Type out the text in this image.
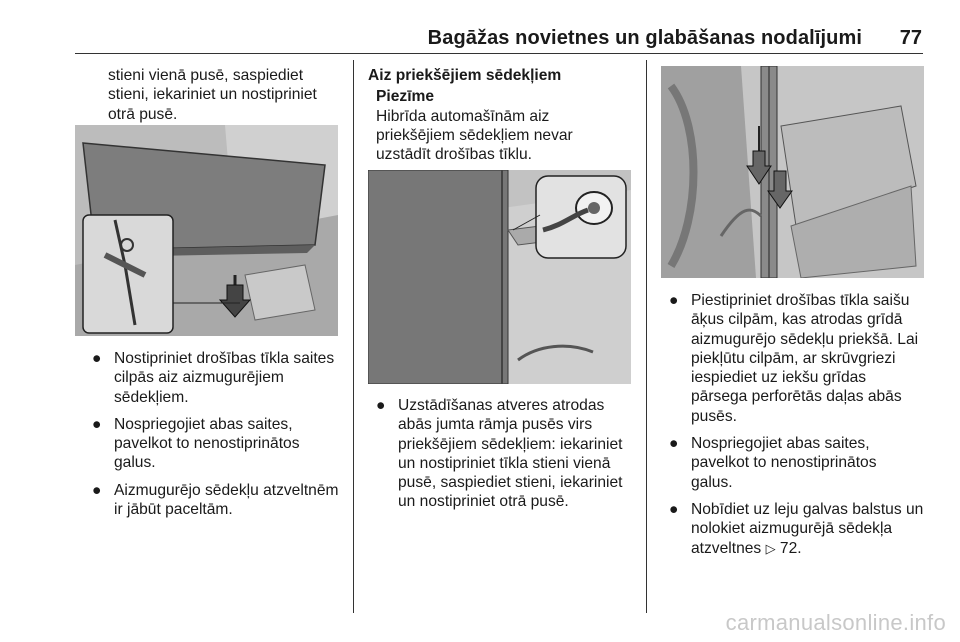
Bagāžas novietnes un glabāšanas nodalījumi 77

stieni vienā pusē, saspiediet

stieni, iekariniet un nostipriniet

otrā pusē.

● Nostipriniet drošības tīkla saites
cilpās aiz aizmugurējiem
sēdekļiem.

● Nospriegojiet abas saites,
pavelkot to nenostiprinātos
galus.

● Aizmugurējo sēdekļu atzveltnēm
ir jābūt paceltām.

Aiz priekšējiem sēdekļiem

Piezīme

Hibrīda automašīnām aiz

priekšējiem sēdekļiem nevar

uzstādīt drošības tīklu.

● Uzstādīšanas atveres atrodas
abās jumta rāmja pusēs virs
priekšējiem sēdekļiem: iekariniet
un nostipriniet tīkla stieni vienā
pusē, saspiediet stieni, iekariniet
un nostipriniet otrā pusē.

● Piestipriniet drošības tīkla saišu
āķus cilpām, kas atrodas grīdā
aizmugurējo sēdekļu priekšā. Lai
piekļūtu cilpām, ar skrūvgriezi
iespiediet uz iekšu grīdas
pārsega perforētās daļas abās
pusēs.

● Nospriegojiet abas saites,
pavelkot to nenostiprinātos
galus.

● Nobīdiet uz leju galvas balstus un
nolokiet aizmugurējā sēdekļa
atzveltnes ▷ 72.

carmanualsonline.info
